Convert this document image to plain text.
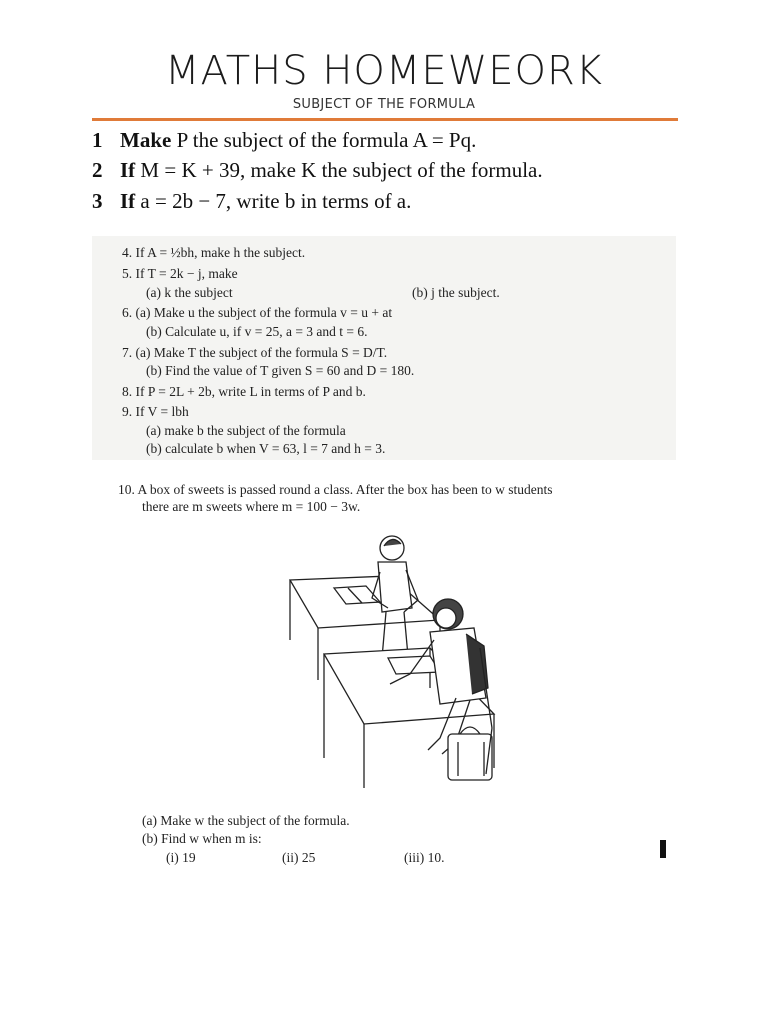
MATHS HOMEWEORK
SUBJECT OF THE FORMULA
1 Make P the subject of the formula A = Pq.
2 If M = K + 39, make K the subject of the formula.
3 If a = 2b − 7, write b in terms of a.
4. If A = ½bh, make h the subject.
5. If T = 2k − j, make
(a) k the subject	(b) j the subject.
6. (a) Make u the subject of the formula v = u + at
(b) Calculate u, if v = 25, a = 3 and t = 6.
7. (a) Make T the subject of the formula S = D/T.
(b) Find the value of T given S = 60 and D = 180.
8. If P = 2L + 2b, write L in terms of P and b.
9. If V = lbh
(a) make b the subject of the formula
(b) calculate b when V = 63, l = 7 and h = 3.
10. A box of sweets is passed round a class. After the box has been to w students
there are m sweets where m = 100 − 3w.
(a) Make w the subject of the formula.
(b) Find w when m is:
(i) 19	(ii) 25	(iii) 10.
